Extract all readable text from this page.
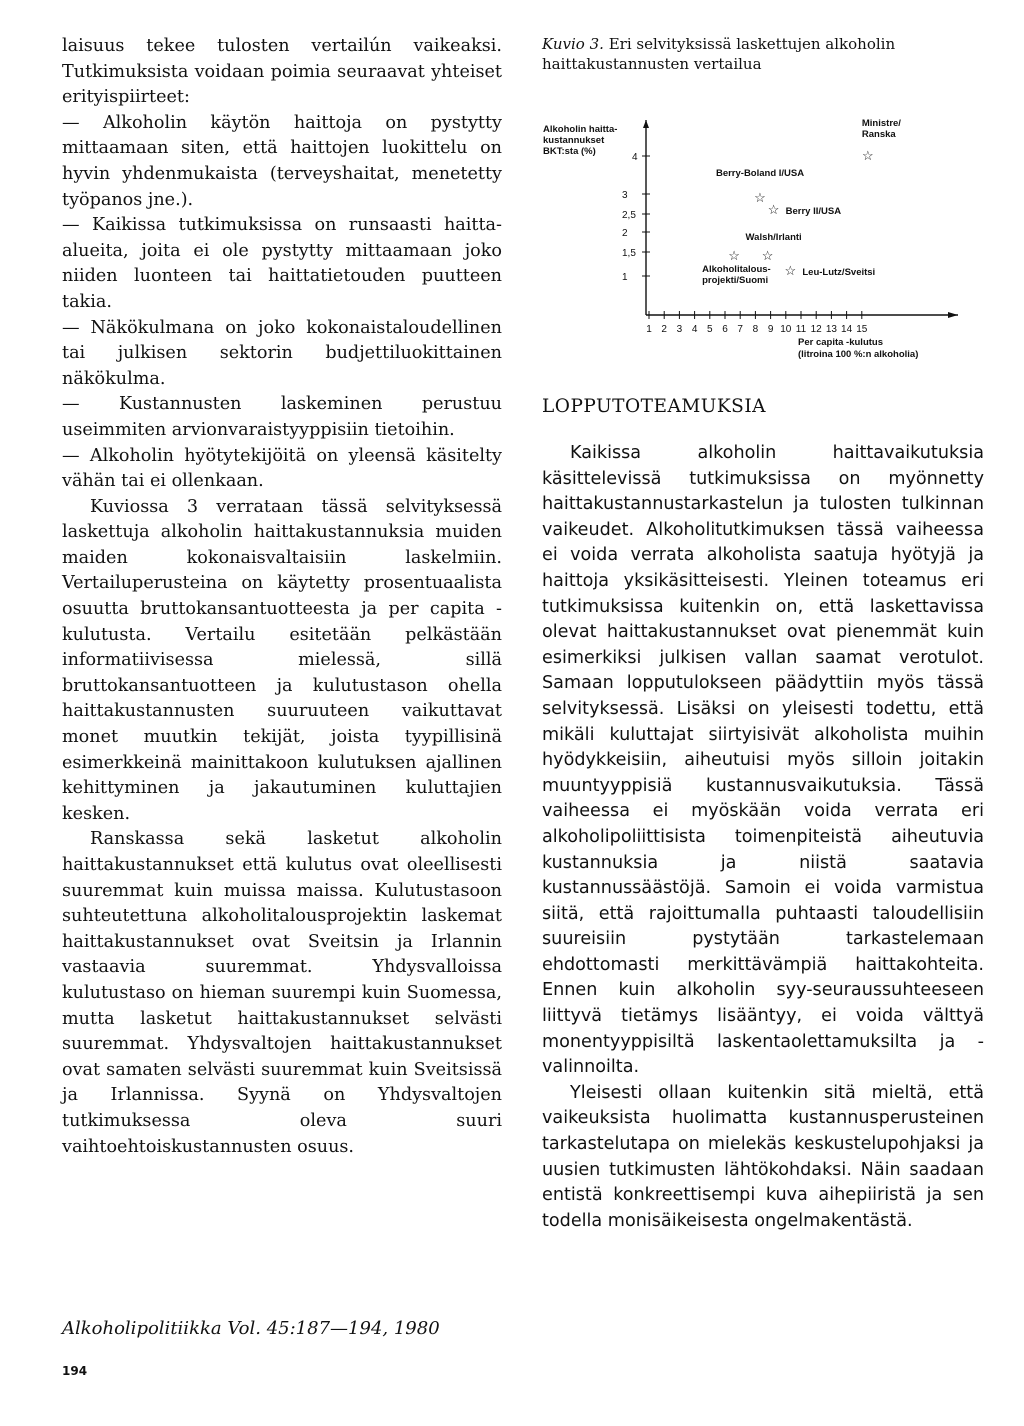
laisuus tekee tulosten vertailún vaikeaksi. Tutkimuksista voidaan poimia seuraavat yhteiset erityispiirteet:

— Alkoholin käytön haittoja on pystytty mittaamaan siten, että haittojen luokittelu on hyvin yhdenmukaista (terveyshaitat, menetetty työpanos jne.).

— Kaikissa tutkimuksissa on runsaasti haitta-alueita, joita ei ole pystytty mittaamaan joko niiden luonteen tai haittatietouden puutteen takia.

— Näkökulmana on joko kokonaistaloudellinen tai julkisen sektorin budjettiluokittainen näkökulma.

— Kustannusten laskeminen perustuu useimmiten arvionvaraistyyppisiin tietoihin.

— Alkoholin hyötytekijöitä on yleensä käsitelty vähän tai ei ollenkaan.

Kuviossa 3 verrataan tässä selvityksessä laskettuja alkoholin haittakustannuksia muiden maiden kokonaisvaltaisiin laskelmiin. Vertailuperusteina on käytetty prosentuaalista osuutta bruttokansantuotteesta ja per capita -kulutusta. Vertailu esitetään pelkästään informatiivisessa mielessä, sillä bruttokansantuotteen ja kulutustason ohella haittakustannusten suuruuteen vaikuttavat monet muutkin tekijät, joista tyypillisinä esimerkkeinä mainittakoon kulutuksen ajallinen kehittyminen ja jakautuminen kuluttajien kesken.

Ranskassa sekä lasketut alkoholin haittakustannukset että kulutus ovat oleellisesti suuremmat kuin muissa maissa. Kulutustasoon suhteutettuna alkoholitalousprojektin laskemat haittakustannukset ovat Sveitsin ja Irlannin vastaavia suuremmat. Yhdysvalloissa kulutustaso on hieman suurempi kuin Suomessa, mutta lasketut haittakustannukset selvästi suuremmat. Yhdysvaltojen haittakustannukset ovat samaten selvästi suuremmat kuin Sveitsissä ja Irlannissa. Syynä on Yhdysvaltojen tutkimuksessa oleva suuri vaihtoehtoiskustannusten osuus.

Alkoholipolitiikka Vol. 45:187—194, 1980
194

Kuvio 3. Eri selvityksissä laskettujen alkoholin haittakustannusten vertailua

Alkoholin haitta-
kustannukset
BKT:sta (%)
1
1,5
2
2,5
3
4
1 2 3 4 5 6 7 8 9 10 11 12 13 14 15
Per capita -kulutus
(litroina 100 %:n alkoholia)
☆
Ministre/
Ranska
☆
Berry-Boland I/USA
☆ Berry II/USA
☆
Walsh/Irlanti
☆
Alkoholitalous-
projekti/Suomi
☆ Leu-Lutz/Sveitsi

LOPPUTOTEAMUKSIA

Kaikissa alkoholin haittavaikutuksia käsittelevissä tutkimuksissa on myönnetty haittakustannustarkastelun ja tulosten tulkinnan vaikeudet. Alkoholitutkimuksen tässä vaiheessa ei voida verrata alkoholista saatuja hyötyjä ja haittoja yksikäsitteisesti. Yleinen toteamus eri tutkimuksissa kuitenkin on, että laskettavissa olevat haittakustannukset ovat pienemmät kuin esimerkiksi julkisen vallan saamat verotulot. Samaan lopputulokseen päädyttiin myös tässä selvityksessä. Lisäksi on yleisesti todettu, että mikäli kuluttajat siirtyisivät alkoholista muihin hyödykkeisiin, aiheutuisi myös silloin joitakin muuntyyppisiä kustannusvaikutuksia. Tässä vaiheessa ei myöskään voida verrata eri alkoholipoliittisista toimenpiteistä aiheutuvia kustannuksia ja niistä saatavia kustannussäästöjä. Samoin ei voida varmistua siitä, että rajoittumalla puhtaasti taloudellisiin suureisiin pystytään tarkastelemaan ehdottomasti merkittävämpiä haittakohteita. Ennen kuin alkoholin syy-seuraussuhteeseen liittyvä tietämys lisääntyy, ei voida välttyä monentyyppisiltä laskentaolettamuksilta ja -valinnoilta.

Yleisesti ollaan kuitenkin sitä mieltä, että vaikeuksista huolimatta kustannusperusteinen tarkastelutapa on mielekäs keskustelupohjaksi ja uusien tutkimusten lähtökohdaksi. Näin saadaan entistä konkreettisempi kuva aihepiiristä ja sen todella monisäikeisesta ongelmakentästä.
